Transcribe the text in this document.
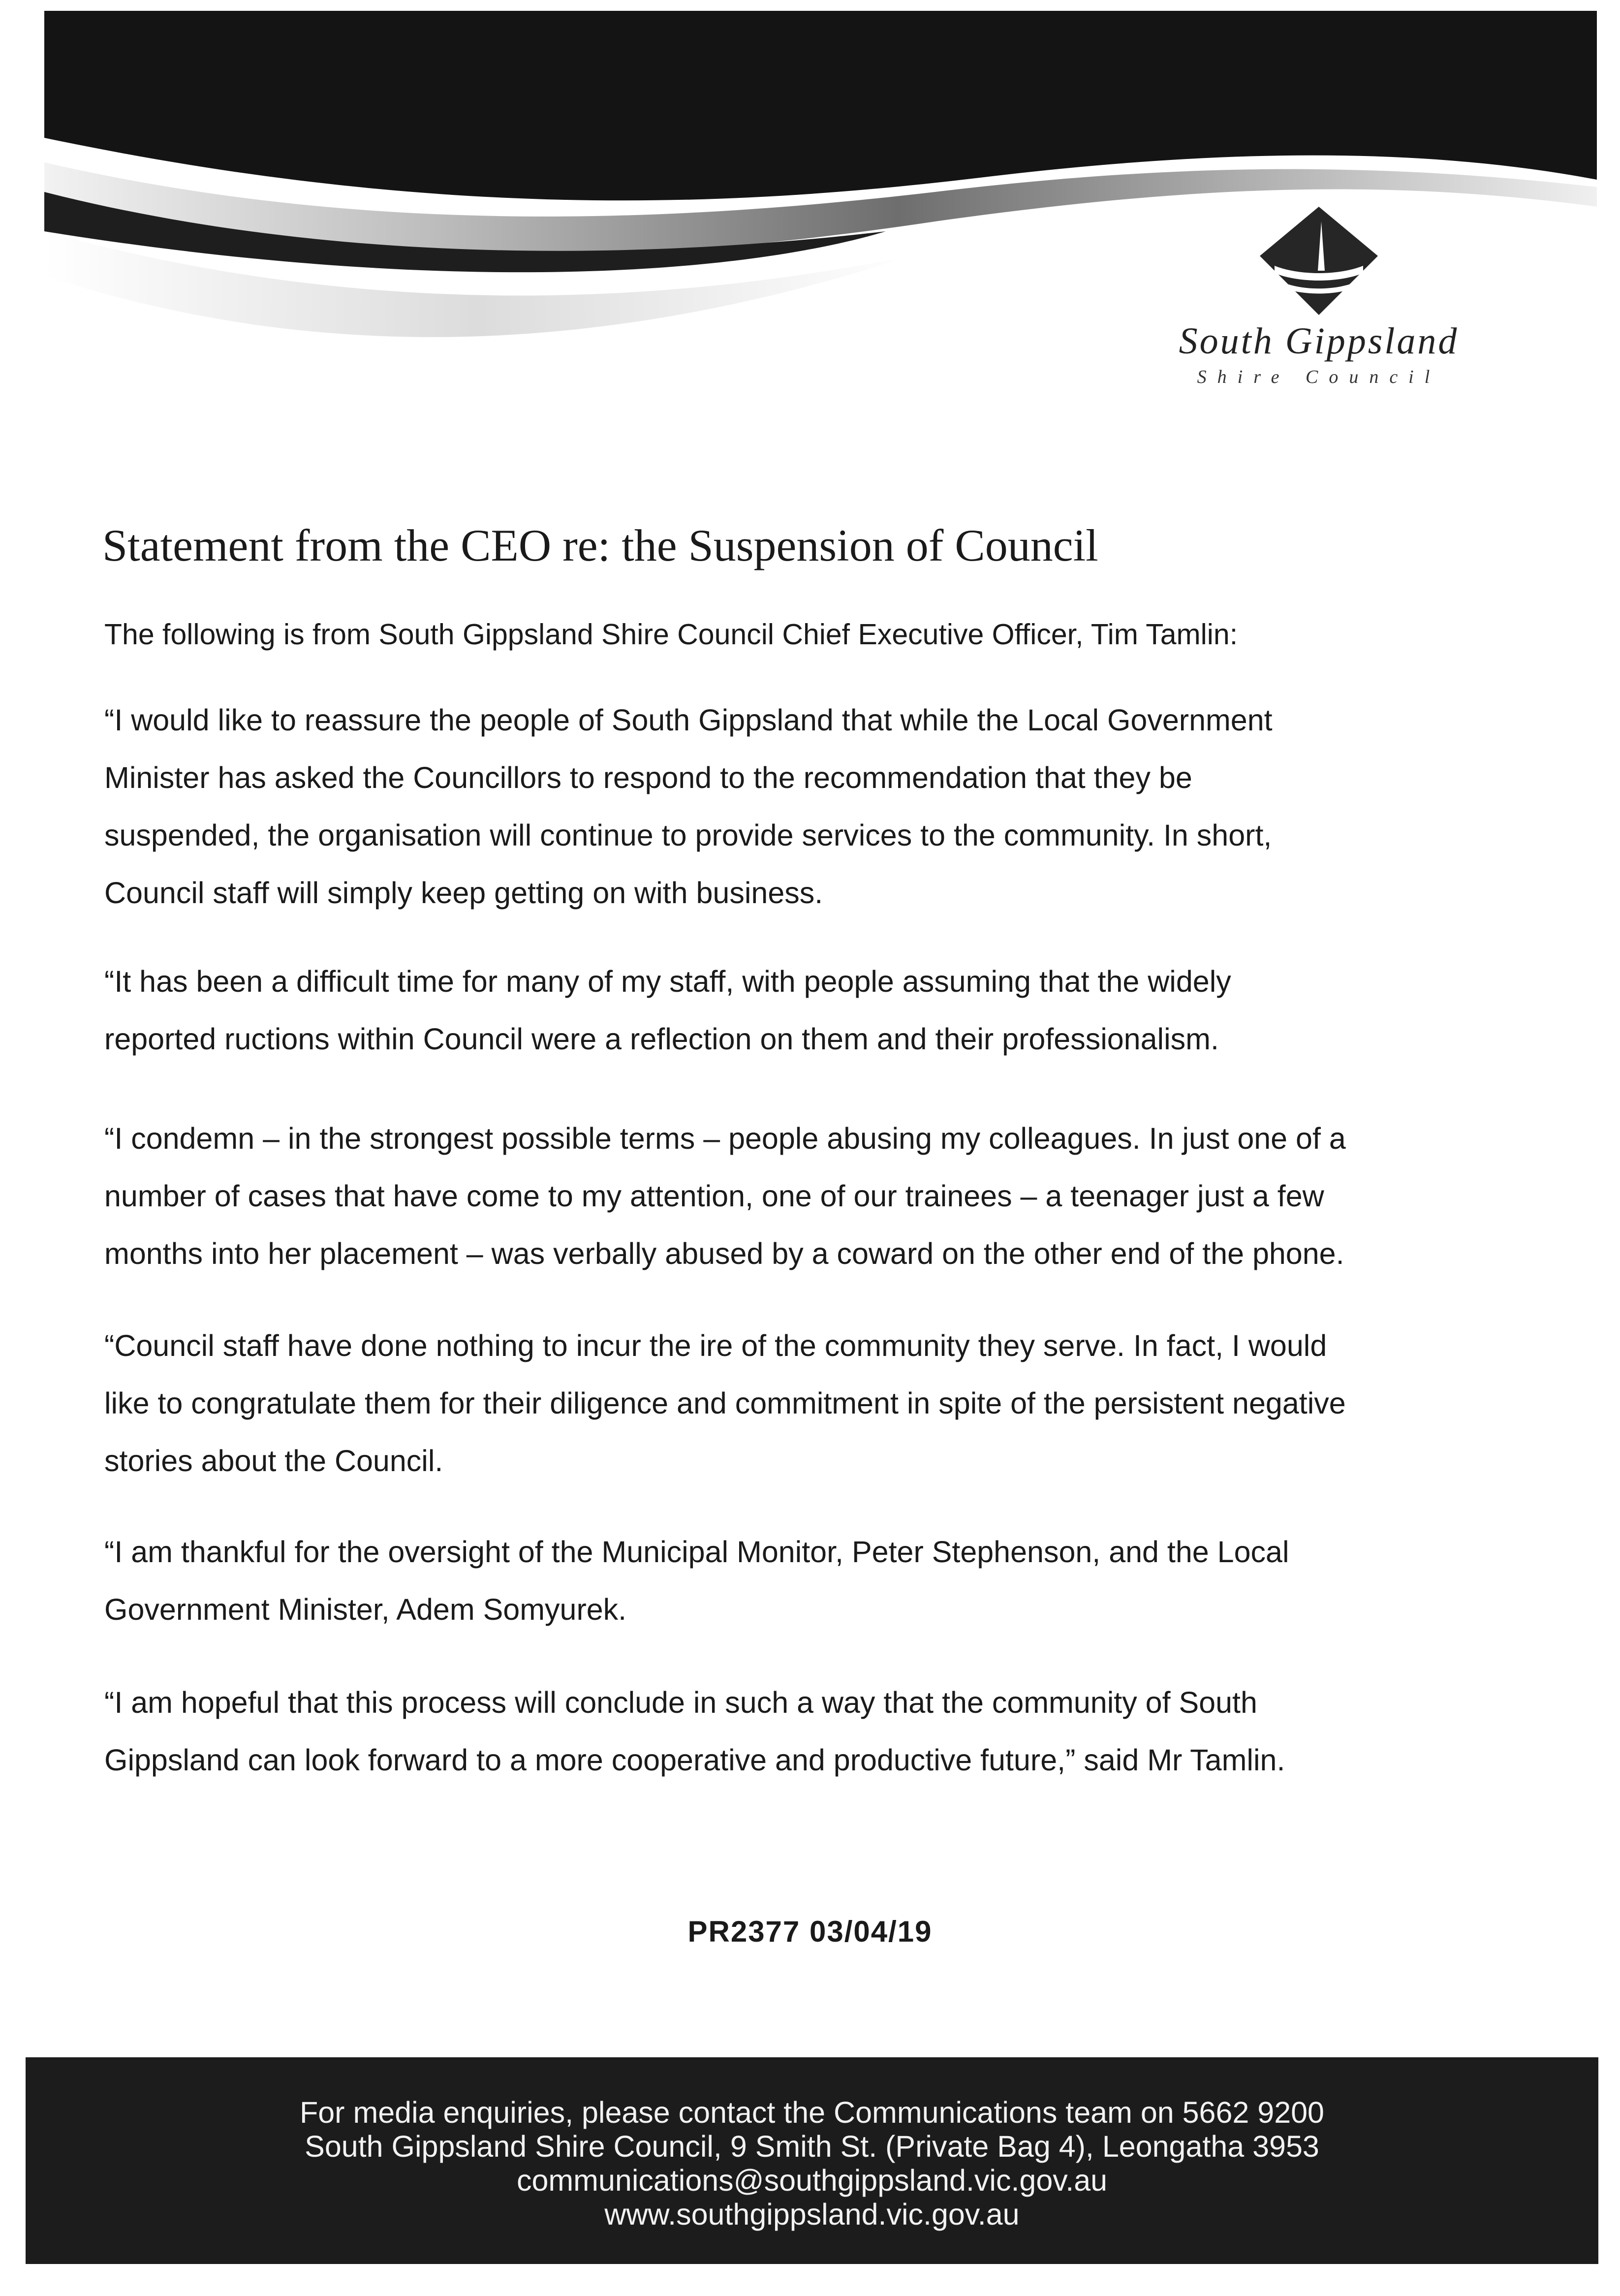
South Gippsland
Shire Council
Statement from the CEO re: the Suspension of Council
The following is from South Gippsland Shire Council Chief Executive Officer, Tim Tamlin:
“I would like to reassure the people of South Gippsland that while the Local Government
Minister has asked the Councillors to respond to the recommendation that they be
suspended, the organisation will continue to provide services to the community. In short,
Council staff will simply keep getting on with business.
“It has been a difficult time for many of my staff, with people assuming that the widely
reported ructions within Council were a reflection on them and their professionalism.
“I condemn – in the strongest possible terms – people abusing my colleagues. In just one of a
number of cases that have come to my attention, one of our trainees – a teenager just a few
months into her placement – was verbally abused by a coward on the other end of the phone.
“Council staff have done nothing to incur the ire of the community they serve. In fact, I would
like to congratulate them for their diligence and commitment in spite of the persistent negative
stories about the Council.
“I am thankful for the oversight of the Municipal Monitor, Peter Stephenson, and the Local
Government Minister, Adem Somyurek.
“I am hopeful that this process will conclude in such a way that the community of South
Gippsland can look forward to a more cooperative and productive future,” said Mr Tamlin.
PR2377 03/04/19
For media enquiries, please contact the Communications team on 5662 9200
South Gippsland Shire Council, 9 Smith St. (Private Bag 4), Leongatha 3953
communications@southgippsland.vic.gov.au
www.southgippsland.vic.gov.au
